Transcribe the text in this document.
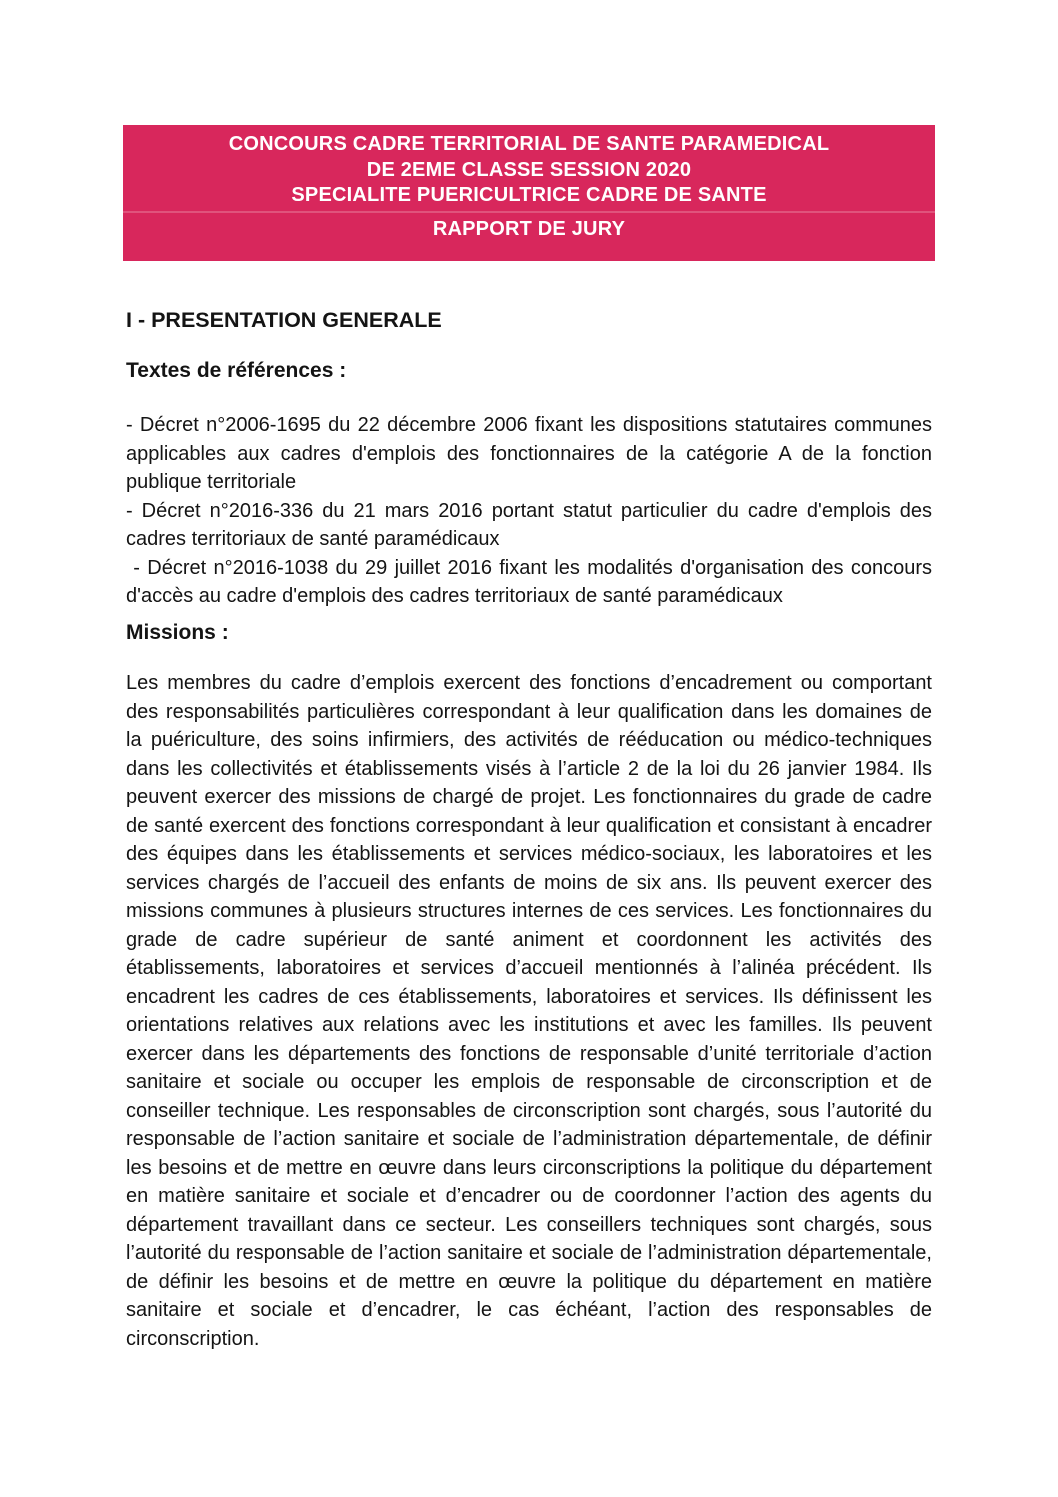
CONCOURS CADRE TERRITORIAL DE SANTE PARAMEDICAL
DE 2EME CLASSE SESSION 2020
SPECIALITE PUERICULTRICE CADRE DE SANTE
RAPPORT DE JURY
I - PRESENTATION GENERALE
Textes de références :

- Décret n°2006-1695 du 22 décembre 2006 fixant les dispositions statutaires communes applicables aux cadres d'emplois des fonctionnaires de la catégorie A de la fonction publique territoriale

- Décret n°2016-336 du 21 mars 2016 portant statut particulier du cadre d'emplois des cadres territoriaux de santé paramédicaux

- Décret n°2016-1038 du 29 juillet 2016 fixant les modalités d'organisation des concours d'accès au cadre d'emplois des cadres territoriaux de santé paramédicaux

Missions :

Les membres du cadre d’emplois exercent des fonctions d’encadrement ou comportant des responsabilités particulières correspondant à leur qualification dans les domaines de la puériculture, des soins infirmiers, des activités de rééducation ou médico-techniques dans les collectivités et établissements visés à l’article 2 de la loi du 26 janvier 1984. Ils peuvent exercer des missions de chargé de projet. Les fonctionnaires du grade de cadre de santé exercent des fonctions correspondant à leur qualification et consistant à encadrer des équipes dans les établissements et services médico-sociaux, les laboratoires et les services chargés de l’accueil des enfants de moins de six ans. Ils peuvent exercer des missions communes à plusieurs structures internes de ces services. Les fonctionnaires du grade de cadre supérieur de santé animent et coordonnent les activités des établissements, laboratoires et services d’accueil mentionnés à l’alinéa précédent. Ils encadrent les cadres de ces établissements, laboratoires et services. Ils définissent les orientations relatives aux relations avec les institutions et avec les familles. Ils peuvent exercer dans les départements des fonctions de responsable d’unité territoriale d’action sanitaire et sociale ou occuper les emplois de responsable de circonscription et de conseiller technique. Les responsables de circonscription sont chargés, sous l’autorité du responsable de l’action sanitaire et sociale de l’administration départementale, de définir les besoins et de mettre en œuvre dans leurs circonscriptions la politique du département en matière sanitaire et sociale et d’encadrer ou de coordonner l’action des agents du département travaillant dans ce secteur. Les conseillers techniques sont chargés, sous l’autorité du responsable de l’action sanitaire et sociale de l’administration départementale, de définir les besoins et de mettre en œuvre la politique du département en matière sanitaire et sociale et d’encadrer, le cas échéant, l’action des responsables de circonscription.
